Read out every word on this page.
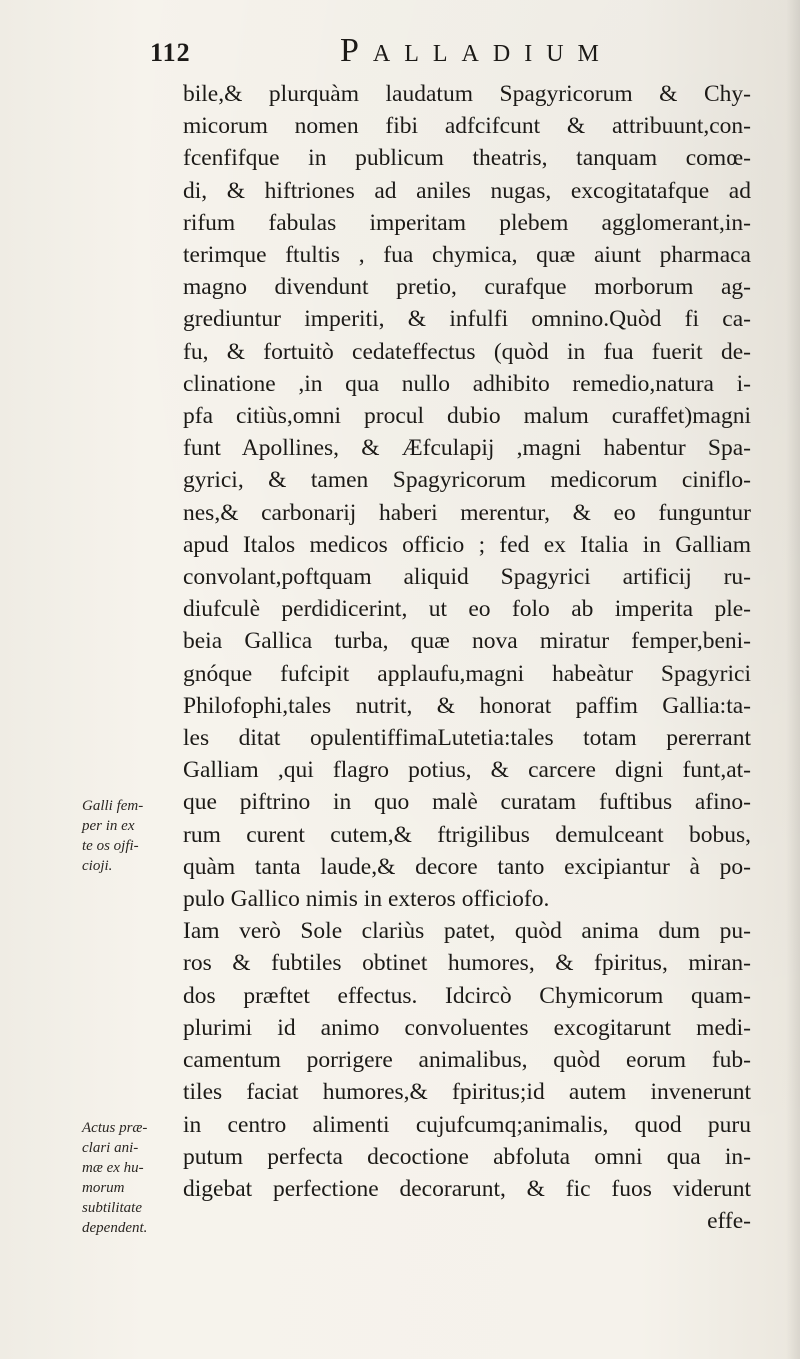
112	Palladium
Galli fem-
per in ex
te os ojfi-
cioji.
Actus præ-
clari ani-
mæ ex hu-
morum
subtilitate
dependent.
bile,& plurquàm laudatum Spagyricorum & Chy-
micorum nomen fibi adfcifcunt & attribuunt,con-
fcenfifque in publicum theatris, tanquam comœ-
di, & hiftriones ad aniles nugas, excogitatafque ad
rifum fabulas imperitam plebem agglomerant,in-
terimque ftultis , fua chymica, quæ aiunt pharmaca
magno divendunt pretio, curafque morborum ag-
grediuntur imperiti, & infulfi omnino.Quòd fi ca-
fu, & fortuitò cedateffectus (quòd in fua fuerit de-
clinatione ,in qua nullo adhibito remedio,natura i-
pfa citiùs,omni procul dubio malum curaffet)magni
funt Apollines, & Æfculapij ,magni habentur Spa-
gyrici, & tamen Spagyricorum medicorum ciniflo-
nes,& carbonarij haberi merentur, & eo funguntur
apud Italos medicos officio ; fed ex Italia in Galliam
convolant,poftquam aliquid Spagyrici artificij ru-
diufculè perdidicerint, ut eo folo ab imperita ple-
beia Gallica turba, quæ nova miratur femper,beni-
gnóque fufcipit applaufu,magni habeàtur Spagyrici
Philofophi,tales nutrit, & honorat paffim Gallia:ta-
les ditat opulentiffimaLutetia:tales totam pererrant
Galliam ,qui flagro potius, & carcere digni funt,at-
que piftrino in quo malè curatam fuftibus afino-
rum curent cutem,& ftrigilibus demulceant bobus,
quàm tanta laude,& decore tanto excipiantur à po-
pulo Gallico nimis in exteros officiofo.
Iam verò Sole clariùs patet, quòd anima dum pu-
ros & fubtiles obtinet humores, & fpiritus, miran-
dos præftet effectus. Idcircò Chymicorum quam-
plurimi id animo convoluentes excogitarunt medi-
camentum porrigere animalibus, quòd eorum fub-
tiles faciat humores,& fpiritus;id autem invenerunt
in centro alimenti cujufcumq;animalis, quod puru
putum perfecta decoctione abfoluta omni qua in-
digebat perfectione decorarunt, & fic fuos viderunt
effe-
